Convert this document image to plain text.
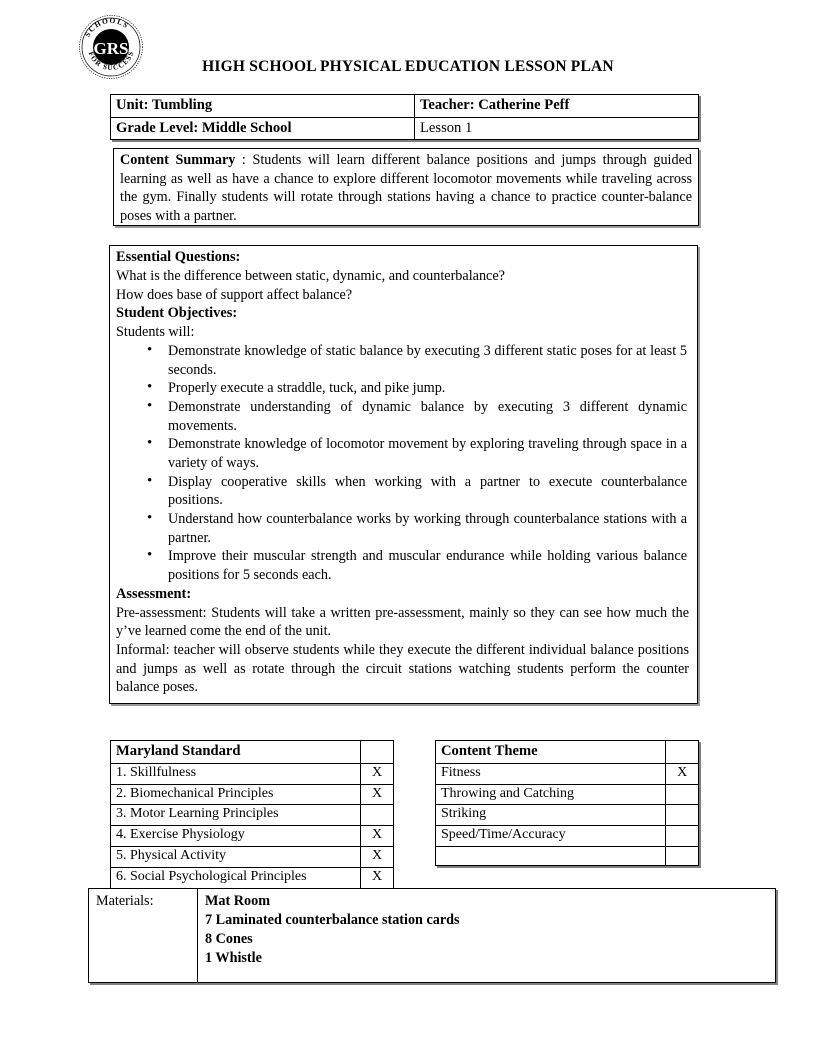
SCHOOLS
FOR SUCCESS
GRS
HIGH SCHOOL PHYSICAL EDUCATION LESSON PLAN
Unit: Tumbling	Teacher: Catherine Peff
Grade Level: Middle School	Lesson 1
Content Summary : Students will learn different balance positions and jumps through guided learning as well as have a chance to explore different locomotor movements while traveling across the gym. Finally students will rotate through stations having a chance to practice counter-balance poses with a partner.

Essential Questions:

What is the difference between static, dynamic, and counterbalance?

How does base of support affect balance?

Student Objectives:

Students will:

• Demonstrate knowledge of static balance by executing 3 different static poses for at least 5 seconds.
• Properly execute a straddle, tuck, and pike jump.
• Demonstrate understanding of dynamic balance by executing 3 different dynamic movements.
• Demonstrate knowledge of locomotor movement by exploring traveling through space in a variety of ways.
• Display cooperative skills when working with a partner to execute counterbalance positions.
• Understand how counterbalance works by working through counterbalance stations with a partner.
• Improve their muscular strength and muscular endurance while holding various balance positions for 5 seconds each.

Assessment:

Pre-assessment: Students will take a written pre-assessment, mainly so they can see how much the y’ve learned come the end of the unit.

Informal: teacher will observe students while they execute the different individual balance positions and jumps as well as rotate through the circuit stations watching students perform the counter balance poses.

Maryland Standard	
1. Skillfulness	X
2. Biomechanical Principles	X
3. Motor Learning Principles	
4. Exercise Physiology	X
5. Physical Activity	X
6. Social Psychological Principles	X
Content Theme	
Fitness	X
Throwing and Catching	
Striking	
Speed/Time/Accuracy	

Materials:	Mat Room
7 Laminated counterbalance station cards
8 Cones
1 Whistle
